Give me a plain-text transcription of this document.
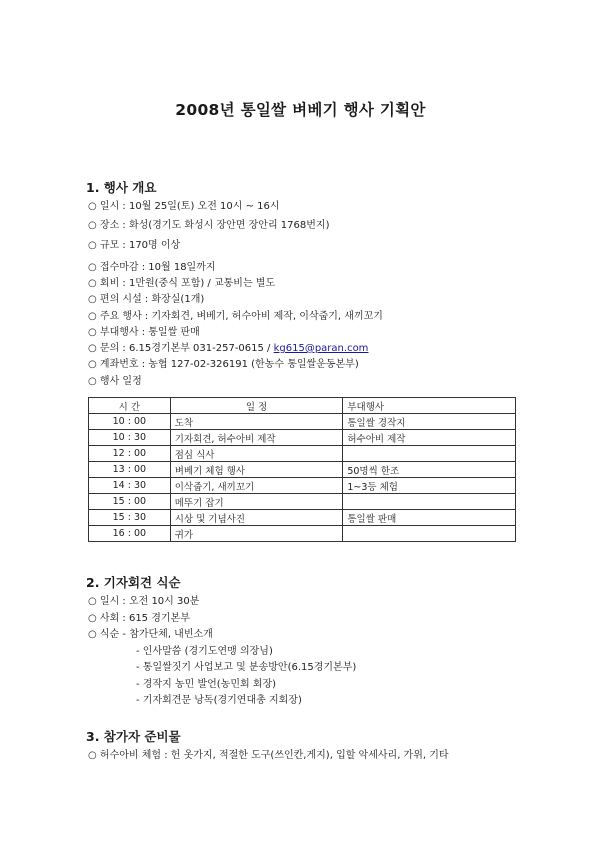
2008년 통일쌀 벼베기 행사 기획안
1. 행사 개요
○ 일시 : 10월 25일(토) 오전 10시 ~ 16시
○ 장소 : 화성(경기도 화성시 장안면 장안리 1768번지)
○ 규모 : 170명 이상
○ 접수마감 : 10월 18일까지
○ 회비 : 1만원(중식 포함) / 교통비는 별도
○ 편의 시설 : 화장실(1개)
○ 주요 행사 : 기자회견, 벼베기, 허수아비 제작, 이삭줍기, 새끼꼬기
○ 부대행사 : 통일쌀 판매
○ 문의 : 6.15경기본부 031-257-0615 / kg615@paran.com
○ 계좌번호 : 농협 127-02-326191 (한농수 통일쌀운동본부)
○ 행사 일정
시 간	일 정	부대행사
10 : 00	도착	통일쌀 경작지
10 : 30	기자회견, 허수아비 제작	허수아비 제작
12 : 00	점심 식사	
13 : 00	벼베기 체험 행사	50명씩 한조
14 : 30	이삭줍기, 새끼꼬기	1~3등 체험
15 : 00	메뚜기 잡기	
15 : 30	시상 및 기념사진	통일쌀 판매
16 : 00	귀가	
2. 기자회견 식순
○ 일시 : 오전 10시 30분
○ 사회 : 615 경기본부
○ 식순 - 참가단체, 내빈소개
- 인사말씀 (경기도연맹 의장님)
- 통일쌀짓기 사업보고 및 분송방안(6.15경기본부)
- 경작지 농민 발언(농민회 회장)
- 기자회견문 낭독(경기연대총 지회장)
3. 참가자 준비물
○ 허수아비 체험 : 헌 옷가지, 적절한 도구(쓰인칸,게지), 입할 악세사리, 가위, 기타
